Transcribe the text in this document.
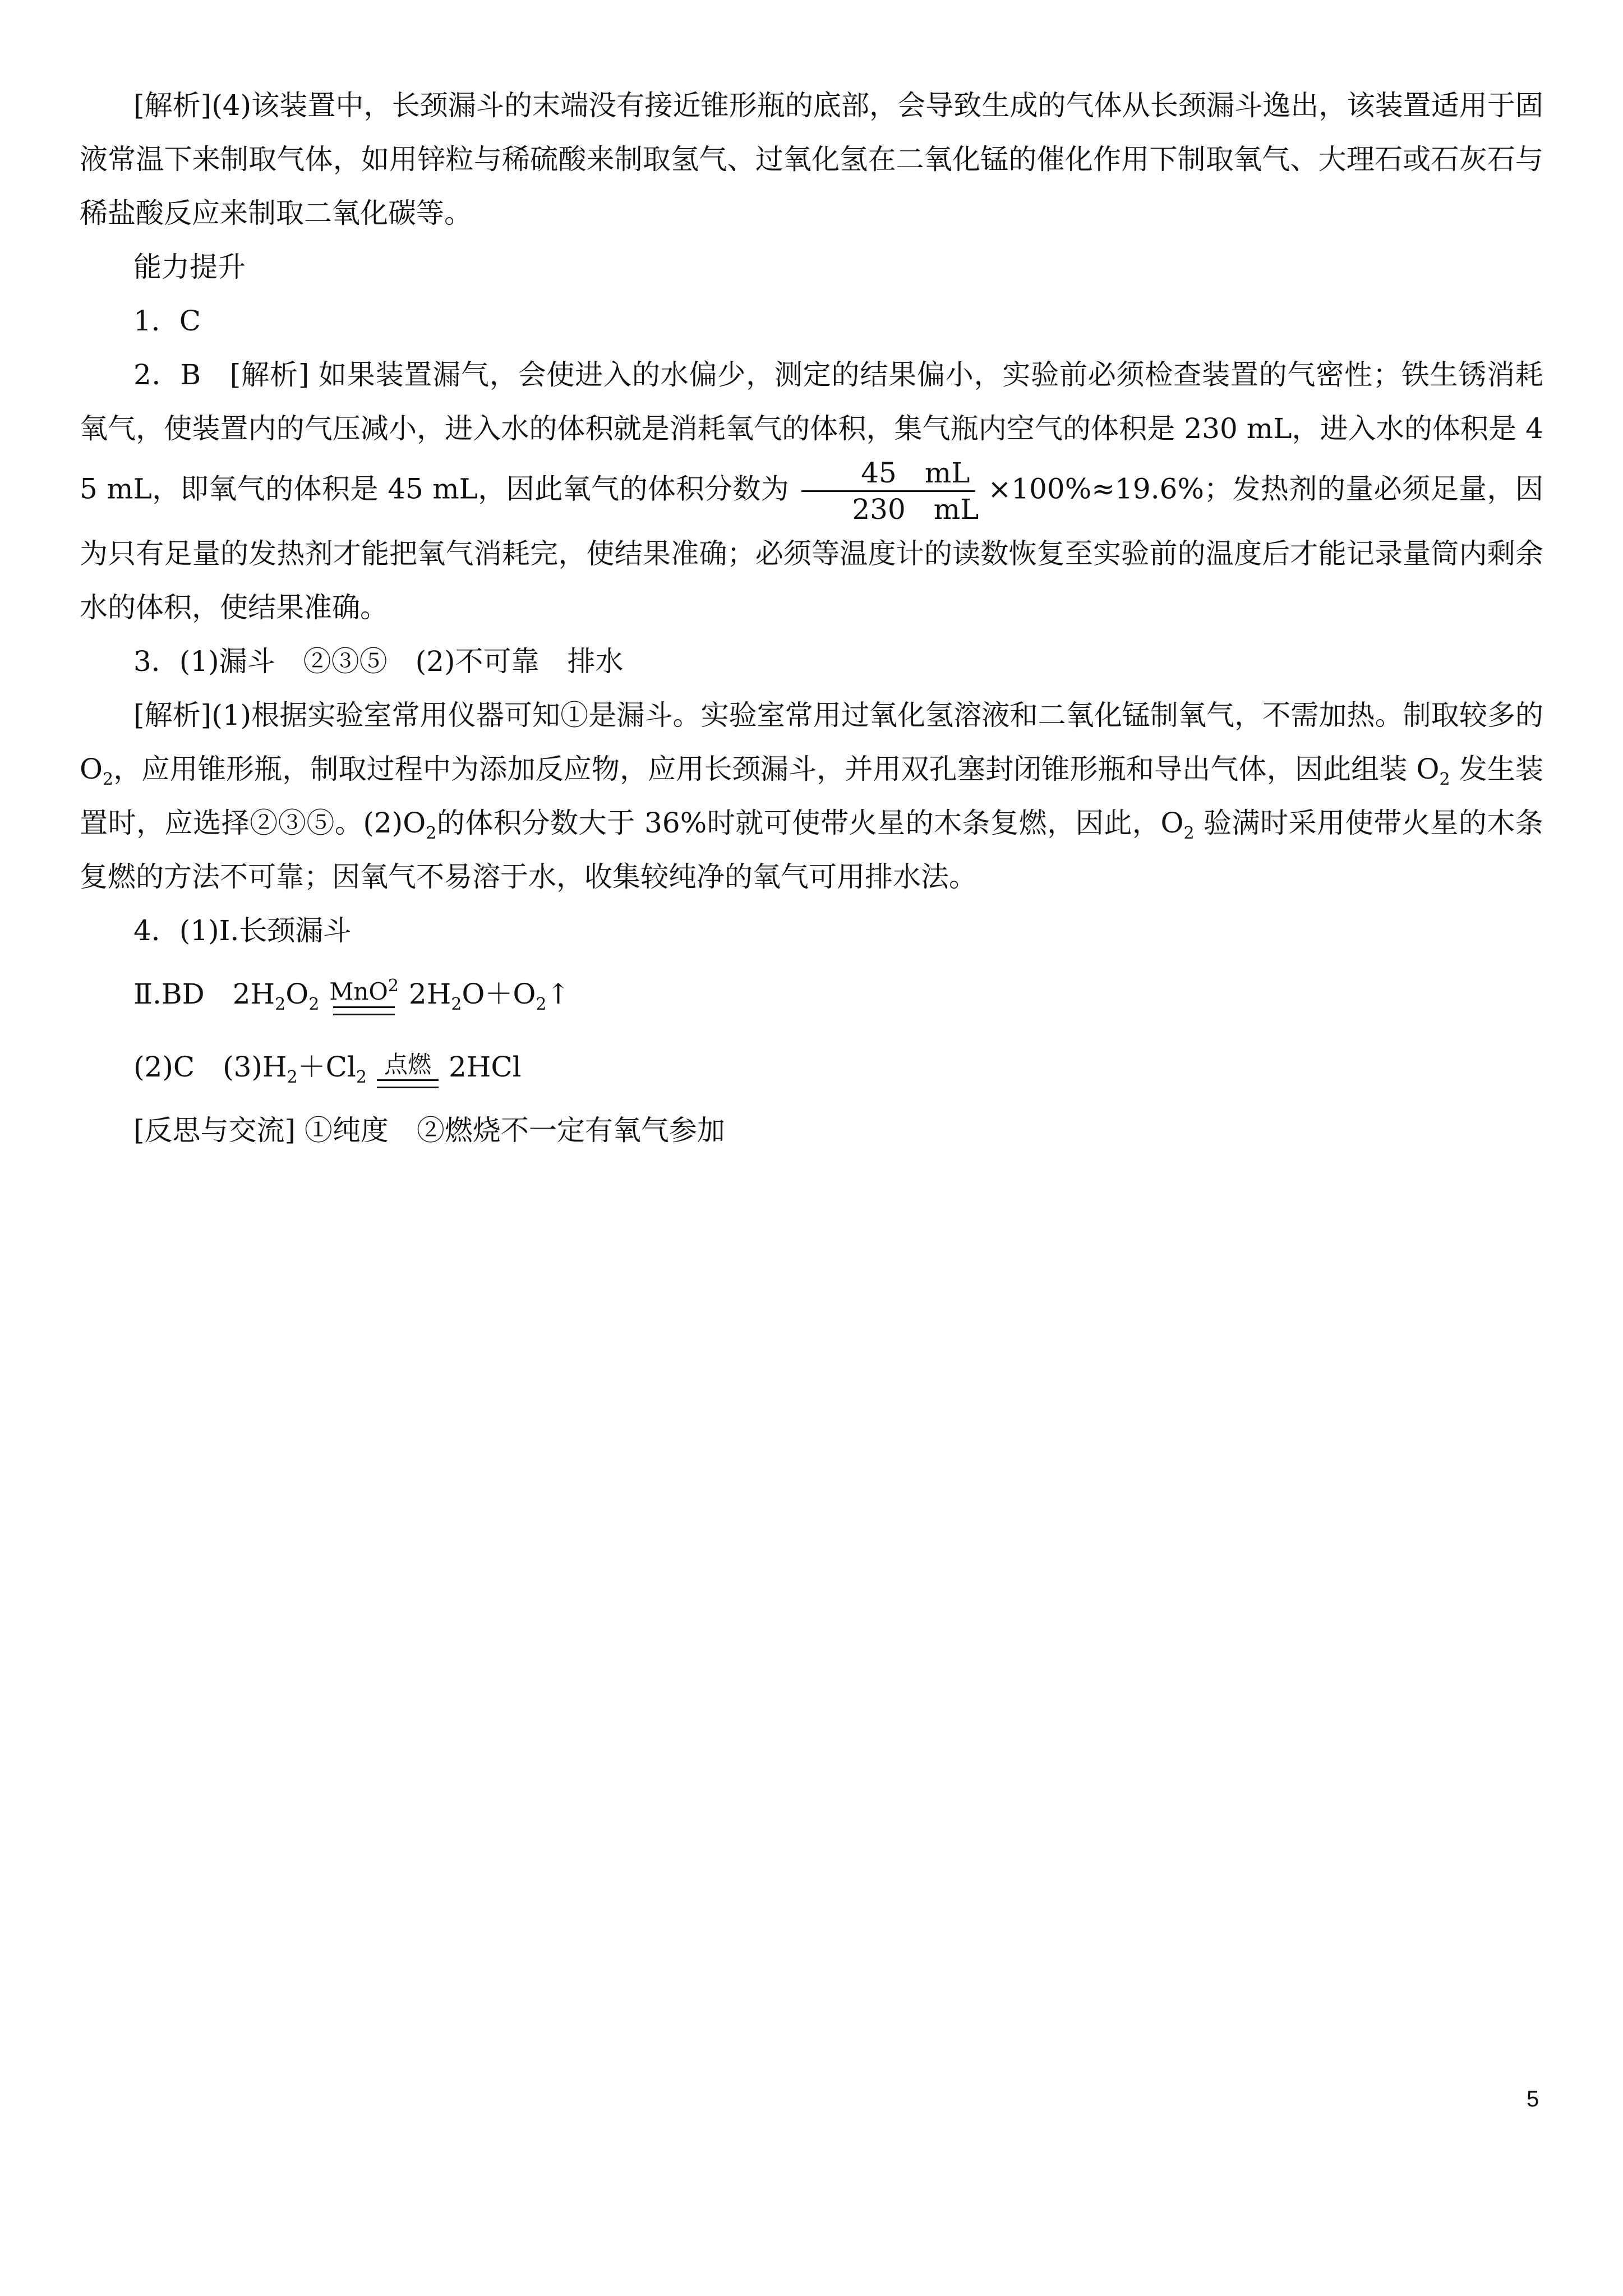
[解析](4)该装置中，长颈漏斗的末端没有接近锥形瓶的底部，会导致生成的气体从长颈漏斗逸出，该装置适用于固液常温下来制取气体，如用锌粒与稀硫酸来制取氢气、过氧化氢在二氧化锰的催化作用下制取氧气、大理石或石灰石与稀盐酸反应来制取二氧化碳等。

能力提升

1．C

2．B　[解析] 如果装置漏气，会使进入的水偏少，测定的结果偏小，实验前必须检查装置的气密性；铁生锈消耗氧气，使装置内的气压减小，进入水的体积就是消耗氧气的体积，集气瓶内空气的体积是 230 mL，进入水的体积是 45 mL，即氧气的体积是 45 mL，因此氧气的体积分数为 $\frac{45 mL}{230 mL} \times 100\%\approx 19.6\%$；发热剂的量必须足量，因为只有足量的发热剂才能把氧气消耗完，使结果准确；必须等温度计的读数恢复至实验前的温度后才能记录量筒内剩余水的体积，使结果准确。

3．(1)漏斗　②③⑤　(2)不可靠　排水

[解析](1)根据实验室常用仪器可知①是漏斗。实验室常用过氧化氢溶液和二氧化锰制氧气，不需加热。制取较多的 $O_2$，应用锥形瓶，制取过程中为添加反应物，应用长颈漏斗，并用双孔塞封闭锥形瓶和导出气体，因此组装 $O_2$ 发生装置时，应选择②③⑤。$(2)O_2$的体积分数大于 36%时就可使带火星的木条复燃，因此，$O_2$ 验满时采用使带火星的木条复燃的方法不可靠；因氧气不易溶于水，收集较纯净的氧气可用排水法。

4．(1)Ⅰ.长颈漏斗

Ⅱ.BD　$2H_2O_2$ MnO$^2$ $2H_2O+O_2↑$

(2)C　$(3)H_2+Cl_2$ 点燃 2HCl

[反思与交流] ①纯度　②燃烧不一定有氧气参加

5
